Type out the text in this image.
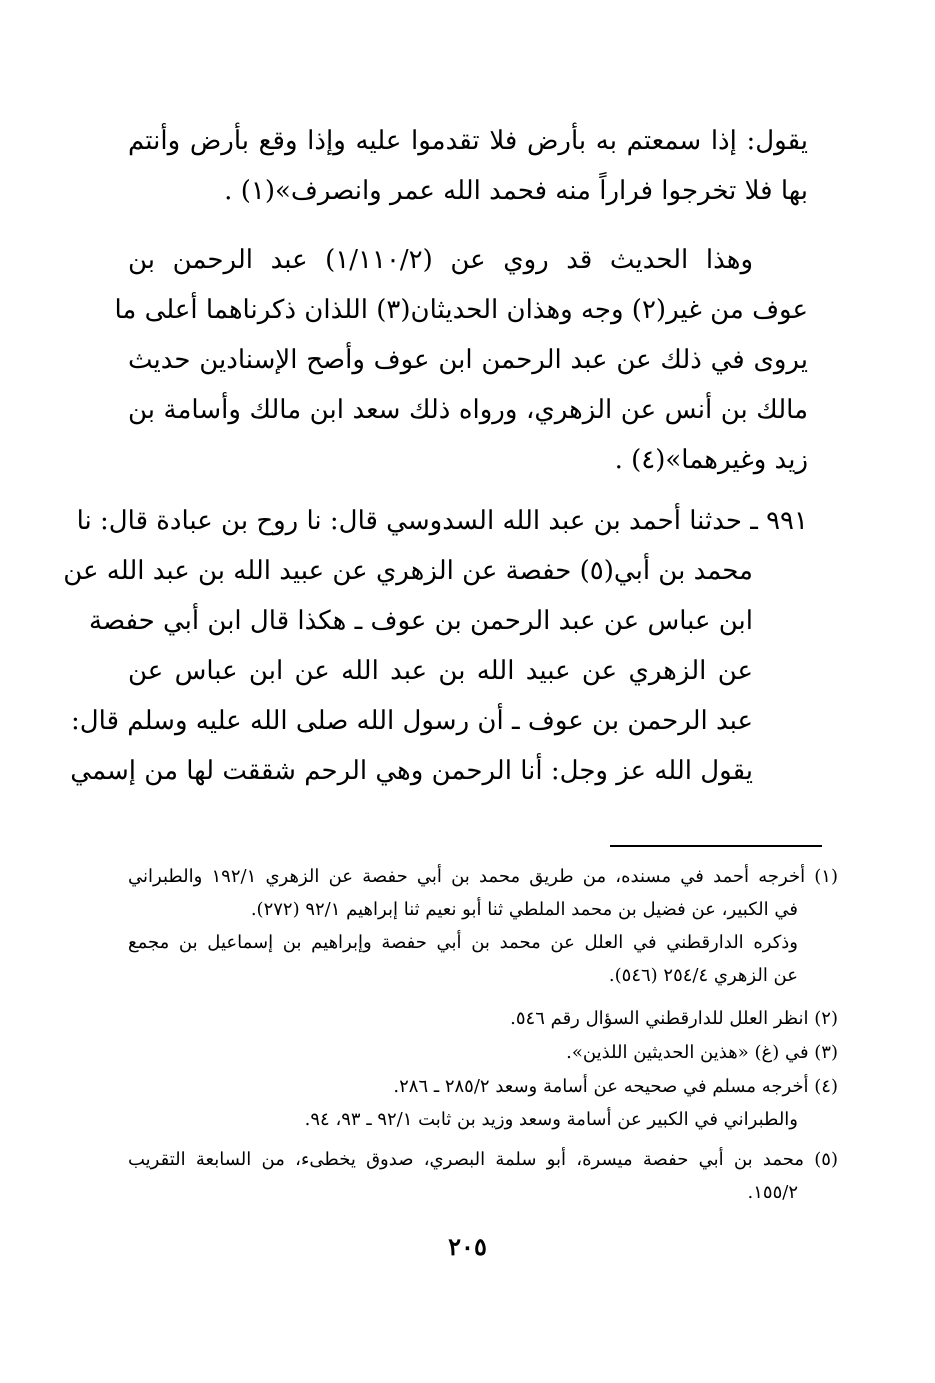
يقول: إذا سمعتم به بأرض فلا تقدموا عليه وإذا وقع بأرض وأنتم
بها فلا تخرجوا فراراً منه فحمد الله عمر وانصرف»(١) .
وهذا الحديث قد روي عن (١/١١٠/٢) عبد الرحمن بن
عوف من غير(٢) وجه وهذان الحديثان(٣) اللذان ذكرناهما أعلى ما
يروى في ذلك عن عبد الرحمن ابن عوف وأصح الإسنادين حديث
مالك بن أنس عن الزهري، ورواه ذلك سعد ابن مالك وأسامة بن
زيد وغيرهما»(٤) .
٩٩١ ـ حدثنا أحمد بن عبد الله السدوسي قال: نا روح بن عبادة قال: نا
محمد بن أبي(٥) حفصة عن الزهري عن عبيد الله بن عبد الله عن
ابن عباس عن عبد الرحمن بن عوف ـ هكذا قال ابن أبي حفصة
عن الزهري عن عبيد الله بن عبد الله عن ابن عباس عن
عبد الرحمن بن عوف ـ أن رسول الله صلى الله عليه وسلم قال:
يقول الله عز وجل: أنا الرحمن وهي الرحم شققت لها من إسمي
(١) أخرجه أحمد في مسنده، من طريق محمد بن أبي حفصة عن الزهري ١٩٢/١ والطبراني
في الكبير، عن فضيل بن محمد الملطي ثنا أبو نعيم ثنا إبراهيم ٩٢/١ (٢٧٢).
وذكره الدارقطني في العلل عن محمد بن أبي حفصة وإبراهيم بن إسماعيل بن مجمع
عن الزهري ٢٥٤/٤ (٥٤٦).
(٢) انظر العلل للدارقطني السؤال رقم ٥٤٦.
(٣) في (غ) «هذين الحديثين اللذين».
(٤) أخرجه مسلم في صحيحه عن أسامة وسعد ٢٨٥/٢ ـ ٢٨٦.
والطبراني في الكبير عن أسامة وسعد وزيد بن ثابت ٩٢/١ ـ ٩٣، ٩٤.
(٥) محمد بن أبي حفصة ميسرة، أبو سلمة البصري، صدوق يخطىء، من السابعة التقريب
١٥٥/٢.
٢٠٥
